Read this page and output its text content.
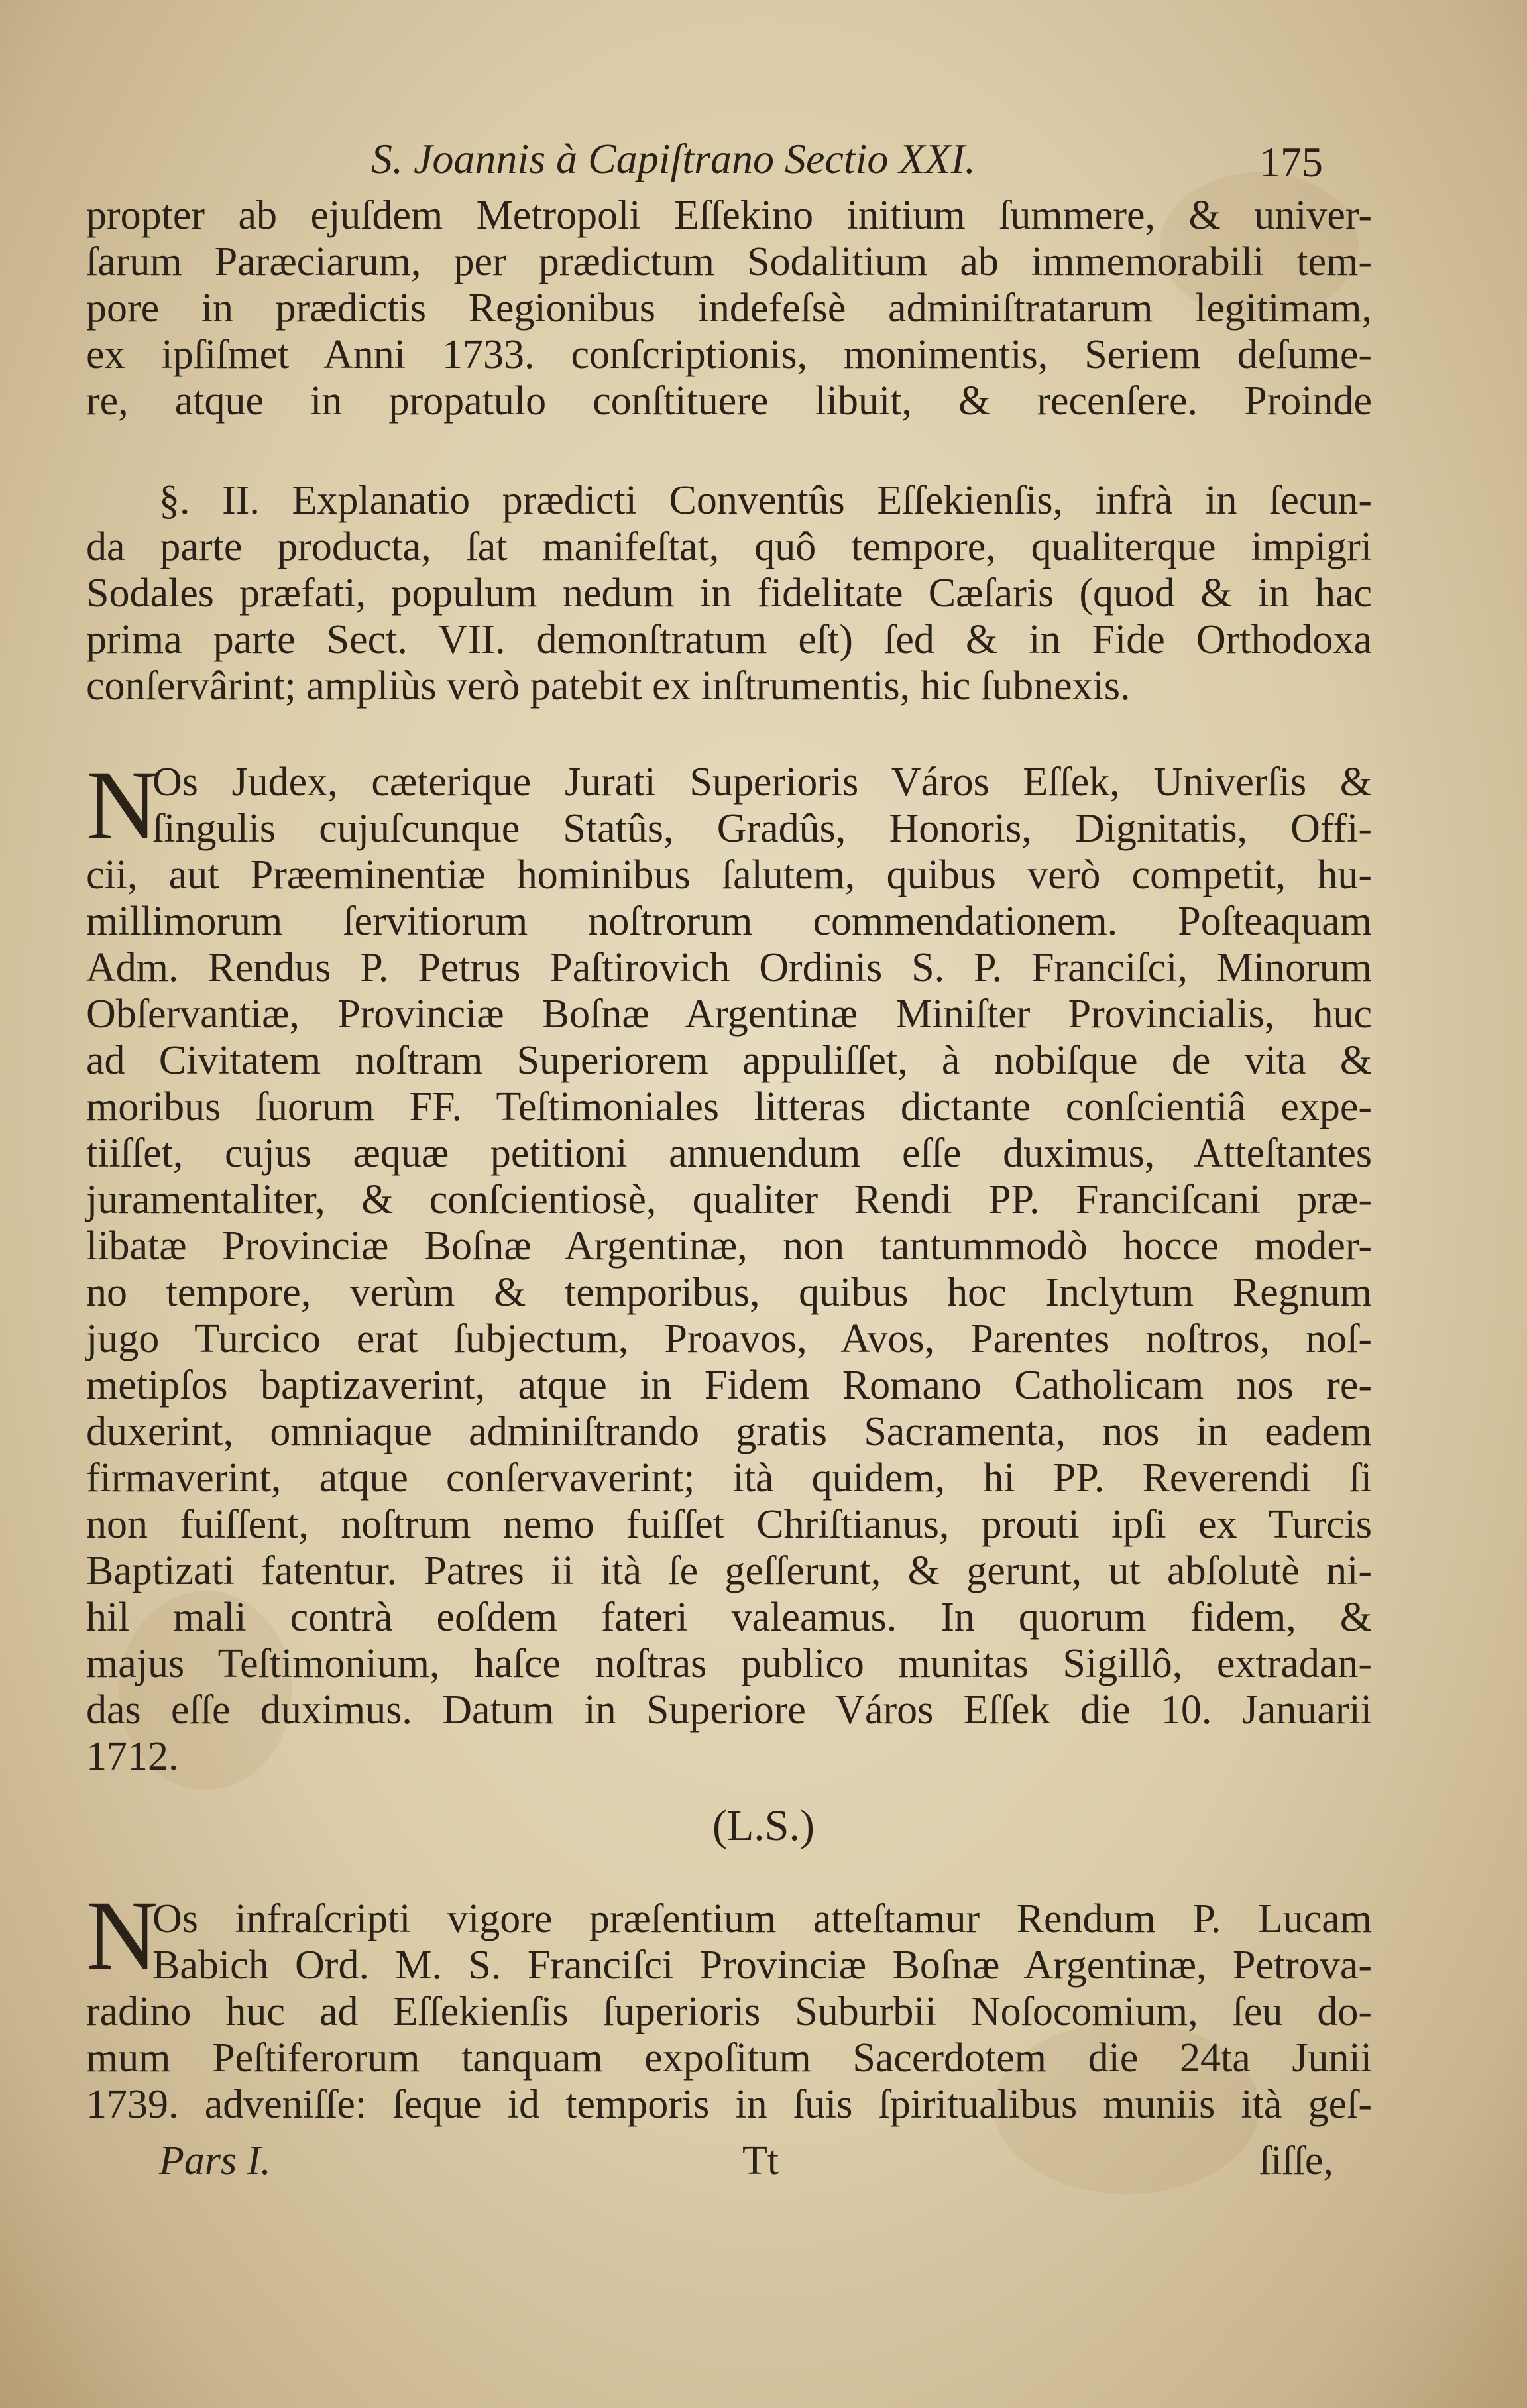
S. Joannis à Capiſtrano Sectio XXI.	175
propter ab ejuſdem Metropoli Eſſekino initium ſummere, & univer-
ſarum Paræciarum, per prædictum Sodalitium ab immemorabili tem-
pore in prædictis Regionibus indefeſsè adminiſtratarum legitimam,
ex ipſiſmet Anni 1733. conſcriptionis, monimentis, Seriem deſume-
re, atque in propatulo conſtituere libuit, & recenſere. Proinde
§. II. Explanatio prædicti Conventûs Eſſekienſis, infrà in ſecun-
da parte producta, ſat manifeſtat, quô tempore, qualiterque impigri
Sodales præfati, populum nedum in fidelitate Cæſaris (quod & in hac
prima parte Sect. VII. demonſtratum eſt) ſed & in Fide Orthodoxa
conſervârint; ampliùs verò patebit ex inſtrumentis, hic ſubnexis.
N
Os Judex, cæterique Jurati Superioris Város Eſſek, Univerſis &
ſingulis cujuſcunque Statûs, Gradûs, Honoris, Dignitatis, Offi-
cii, aut Præeminentiæ hominibus ſalutem, quibus verò competit, hu-
millimorum ſervitiorum noſtrorum commendationem. Poſteaquam
Adm. Rendus P. Petrus Paſtirovich Ordinis S. P. Franciſci, Minorum
Obſervantiæ, Provinciæ Boſnæ Argentinæ Miniſter Provincialis, huc
ad Civitatem noſtram Superiorem appuliſſet, à nobiſque de vita &
moribus ſuorum FF. Teſtimoniales litteras dictante conſcientiâ expe-
tiiſſet, cujus æquæ petitioni annuendum eſſe duximus, Atteſtantes
juramentaliter, & conſcientiosè, qualiter Rendi PP. Franciſcani præ-
libatæ Provinciæ Boſnæ Argentinæ, non tantummodò hocce moder-
no tempore, verùm & temporibus, quibus hoc Inclytum Regnum
jugo Turcico erat ſubjectum, Proavos, Avos, Parentes noſtros, noſ-
metipſos baptizaverint, atque in Fidem Romano Catholicam nos re-
duxerint, omniaque adminiſtrando gratis Sacramenta, nos in eadem
firmaverint, atque conſervaverint; ità quidem, hi PP. Reverendi ſi
non fuiſſent, noſtrum nemo fuiſſet Chriſtianus, prouti ipſi ex Turcis
Baptizati fatentur. Patres ii ità ſe geſſerunt, & gerunt, ut abſolutè ni-
hil mali contrà eoſdem fateri valeamus. In quorum fidem, &
majus Teſtimonium, haſce noſtras publico munitas Sigillô, extradan-
das eſſe duximus. Datum in Superiore Város Eſſek die 10. Januarii
1712.
(L.S.)
N
Os infraſcripti vigore præſentium atteſtamur Rendum P. Lucam
Babich Ord. M. S. Franciſci Provinciæ Boſnæ Argentinæ, Petrova-
radino huc ad Eſſekienſis ſuperioris Suburbii Noſocomium, ſeu do-
mum Peſtiferorum tanquam expoſitum Sacerdotem die 24ta Junii
1739. adveniſſe: ſeque id temporis in ſuis ſpiritualibus muniis ità geſ-
Pars I.	Tt	ſiſſe,
